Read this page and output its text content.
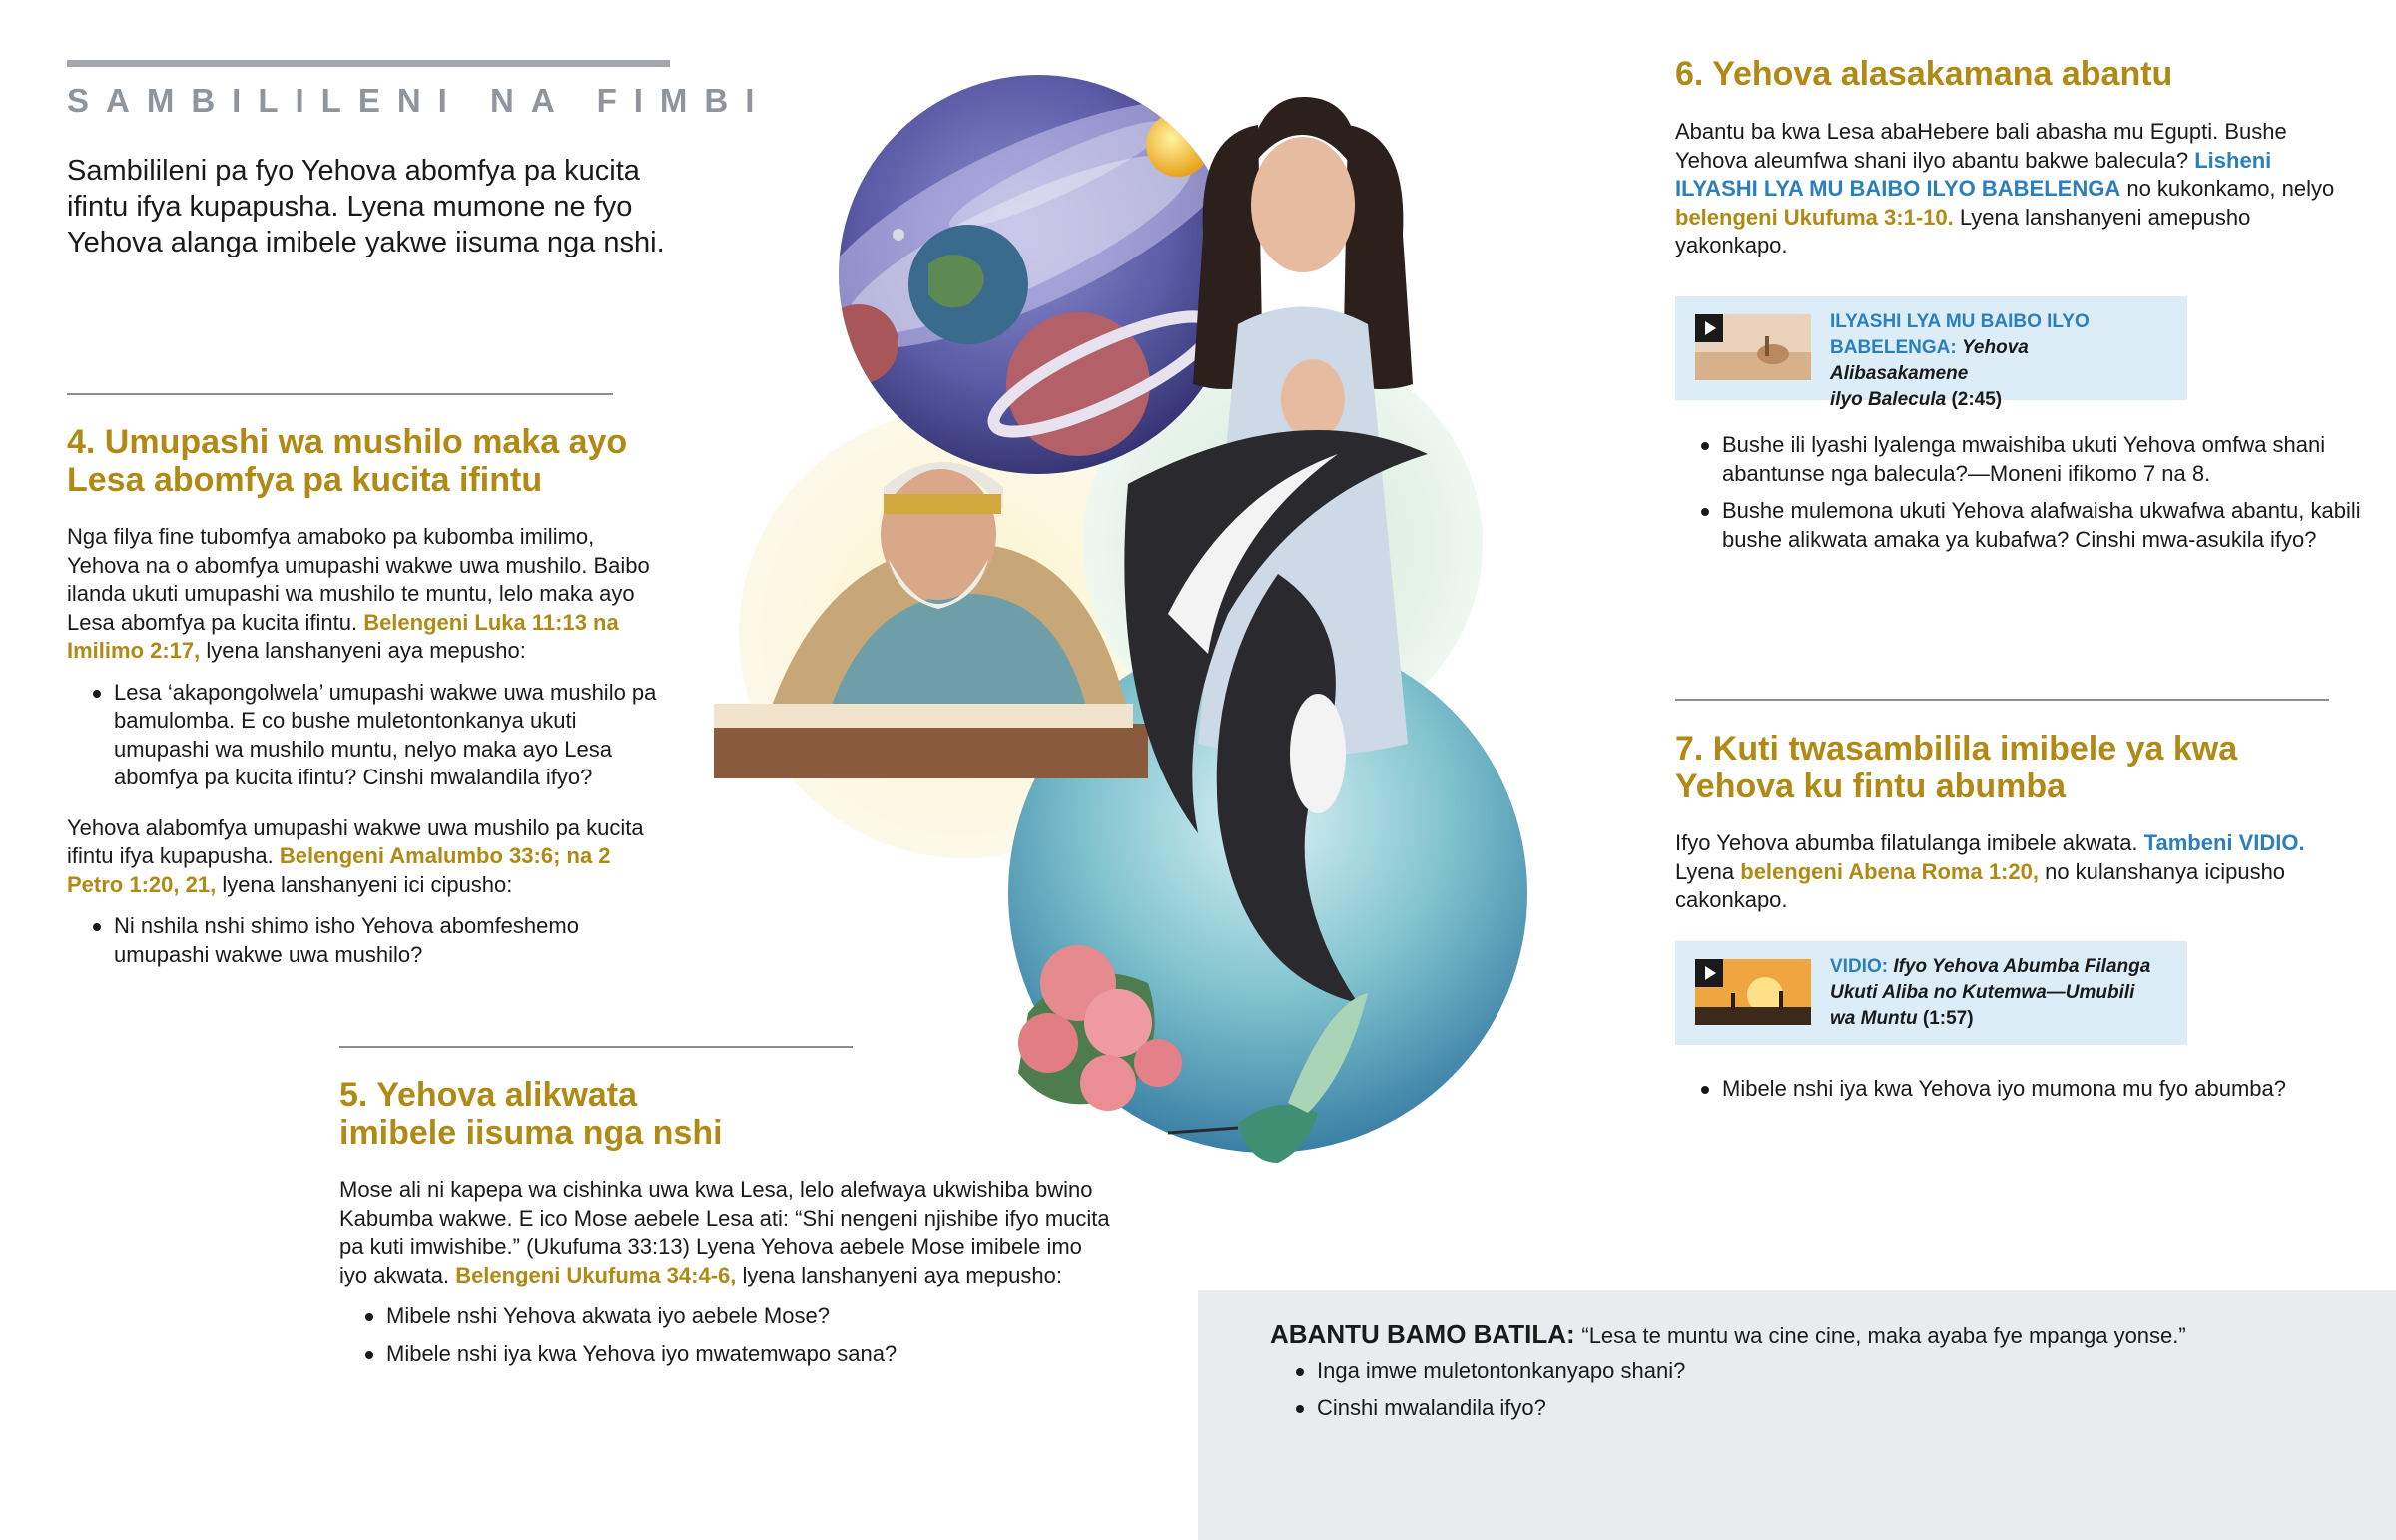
SAMBILILENI NA FIMBI
Sambilileni pa fyo Yehova abomfya pa kucita ifintu ifya kupapusha. Lyena mumone ne fyo Yehova alanga imibele yakwe iisuma nga nshi.
4. Umupashi wa mushilo maka ayo
Lesa abomfya pa kucita ifintu
Nga filya fine tubomfya amaboko pa kubomba imilimo, Yehova na o abomfya umupashi wakwe uwa mushilo. Baibo ilanda ukuti umupashi wa mushilo te muntu, lelo maka ayo Lesa abomfya pa kucita ifintu. Belengeni Luka 11:13 na Imilimo 2:17, lyena lanshanyeni aya mepusho:
Lesa ‘akapongolwela’ umupashi wakwe uwa mushilo pa bamulomba. E co bushe muletontonkanya ukuti umupashi wa mushilo muntu, nelyo maka ayo Lesa abomfya pa kucita ifintu? Cinshi mwalandila ifyo?
Yehova alabomfya umupashi wakwe uwa mushilo pa kucita ifintu ifya kupapusha. Belengeni Amalumbo 33:6; na 2 Petro 1:20, 21, lyena lanshanyeni ici cipusho:
Ni nshila nshi shimo isho Yehova abomfeshemo umupashi wakwe uwa mushilo?
5. Yehova alikwata
imibele iisuma nga nshi
Mose ali ni kapepa wa cishinka uwa kwa Lesa, lelo alefwaya ukwishiba bwino Kabumba wakwe. E ico Mose aebele Lesa ati: “Shi nengeni njishibe ifyo mucita pa kuti imwishibe.” (Ukufuma 33:13) Lyena Yehova aebele Mose imibele imo iyo akwata. Belengeni Ukufuma 34:4-6, lyena lanshanyeni aya mepusho:
Mibele nshi Yehova akwata iyo aebele Mose?
Mibele nshi iya kwa Yehova iyo mwatemwapo sana?
6. Yehova alasakamana abantu
Abantu ba kwa Lesa abaHebere bali abasha mu Egupti. Bushe Yehova aleumfwa shani ilyo abantu bakwe balecula? Lisheni ILYASHI LYA MU BAIBO ILYO BABELENGA no kukonkamo, nelyo belengeni Ukufuma 3:1-10. Lyena lanshanyeni amepusho yakonkapo.
ILYASHI LYA MU BAIBO ILYO
BABELENGA: Yehova Alibasakamene
ilyo Balecula (2:45)
Bushe ili lyashi lyalenga mwaishiba ukuti Yehova omfwa shani abantunse nga balecula?—Moneni ifikomo 7 na 8.
Bushe mulemona ukuti Yehova alafwaisha ukwafwa abantu, kabili bushe alikwata amaka ya kubafwa? Cinshi mwa-asukila ifyo?
7. Kuti twasambilila imibele ya kwa
Yehova ku fintu abumba
Ifyo Yehova abumba filatulanga imibele akwata. Tambeni VIDIO. Lyena belengeni Abena Roma 1:20, no kulanshanya icipusho cakonkapo.
VIDIO: Ifyo Yehova Abumba Filanga
Ukuti Aliba no Kutemwa—Umubili
wa Muntu (1:57)
Mibele nshi iya kwa Yehova iyo mumona mu fyo abumba?
ABANTU BAMO BATILA: “Lesa te muntu wa cine cine, maka ayaba fye mpanga yonse.”
Inga imwe muletontonkanyapo shani?
Cinshi mwalandila ifyo?
